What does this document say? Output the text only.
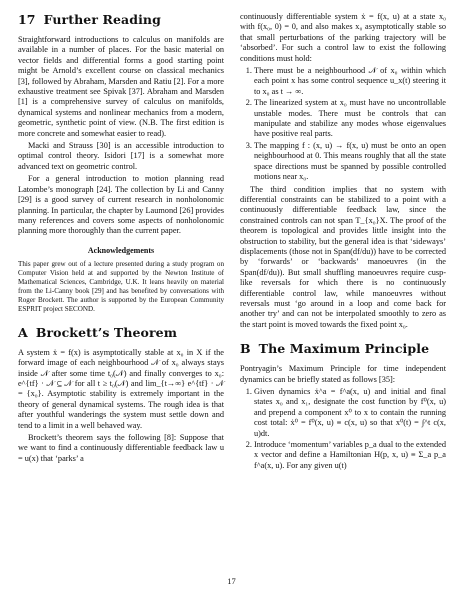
17 Further Reading

Straightforward introductions to calculus on manifolds are available in a number of places. For the basic material on vector fields and differential forms a good starting point might be Arnold’s excellent course on classical mechanics [3], followed by Abraham, Marsden and Ratiu [2]. For a more exhaustive treatment see Spivak [37]. Abraham and Marsden [1] is a comprehensive survey of calculus on manifolds, dynamical systems and nonlinear mechanics from a modern, geometric, synthetic point of view. (N.B. The first edition is more concrete and somewhat easier to read).

Macki and Strauss [30] is an accessible introduction to optimal control theory. Isidori [17] is a somewhat more advanced text on geometric control.

For a general introduction to motion planning read Latombe’s monograph [24]. The collection by Li and Canny [29] is a good survey of current research in nonholonomic planning. In particular, the chapter by Laumond [26] provides many references and covers some aspects of nonholonomic planning more thoroughly than the current paper.

Acknowledgements
This paper grew out of a lecture presented during a study program on Computer Vision held at and supported by the Newton Institute of Mathematical Sciences, Cambridge, U.K. It leans heavily on material from the Li-Canny book [29] and has benefited by conversations with Roger Brockett. The author is supported by the European Community ESPRIT project SECOND.
A Brockett’s Theorem

A system ẋ = f(x) is asymptotically stable at x₀ in X if the forward image of each neighbourhood 𝒩 of x₀ always stays inside 𝒩 after some time t₀(𝒩) and finally converges to x₀: e^{tf} · 𝒩 ⊆ 𝒩 for all t ≥ t₀(𝒩) and lim_{t→∞} e^{tf} · 𝒩 = {x₀}. Asymptotic stability is extremely important in the theory of general dynamical systems. The rough idea is that after youthful wanderings the system must settle down and tend to a limit in a well behaved way.

Brockett’s theorem says the following [8]: Suppose that we want to find a continuously differentiable feedback law u = u(x) that ‘parks’ a

continuously differentiable system ẋ = f(x, u) at a state x₀ with f(x₀, 0) = 0, and also makes x₀ asymptotically stable so that small perturbations of the parking trajectory will be ‘absorbed’. For such a control law to exist the following conditions must hold:

1. There must be a neighbourhood 𝒩 of x₀ within which each point x has some control sequence u_x(t) steering it to x₀ as t → ∞.
2. The linearized system at x₀ must have no uncontrollable unstable modes. There must be controls that can manipulate and stabilize any modes whose eigenvalues have positive real parts.
3. The mapping f : (x, u) → f(x, u) must be onto an open neighbourhood at 0. This means roughly that all the state space directions must be spanned by possible controlled motions near x₀.

The third condition implies that no system with differential constraints can be stabilized to a point with a continuously differentiable feedback law, since the constrained controls can not span T_{x₀}X. The proof of the theorem is topological and provides little insight into the obstruction to stability, but the general idea is that ‘sideways’ displacements (those not in Span(df/du)) have to be corrected by ‘forwards’ or ‘backwards’ manoeuvres (in the Span(df/du)). But small shuffling manoeuvres require cusp-like reversals for which there is no continuously differentiable control law, while manoeuvres without reversals must ‘go around in a loop and come back for another try’ and can not be interpolated smoothly to zero as the start point is moved towards the fixed point x₀.

B The Maximum Principle

Pontryagin’s Maximum Principle for time independent dynamics can be briefly stated as follows [35]:

1. Given dynamics ẋ^a = f^a(x, u) and initial and final states x₀ and x₁, designate the cost function by f⁰(x, u) and prepend a component x⁰ to x to contain the running cost total: ẋ⁰ = f⁰(x, u) ≡ c(x, u) so that x⁰(t) = ∫^t c(x, u)dt.
2. Introduce ‘momentum’ variables p_a dual to the extended x vector and define a Hamiltonian H(p, x, u) ≡ Σ_a p_a f^a(x, u). For any given u(t)
17
